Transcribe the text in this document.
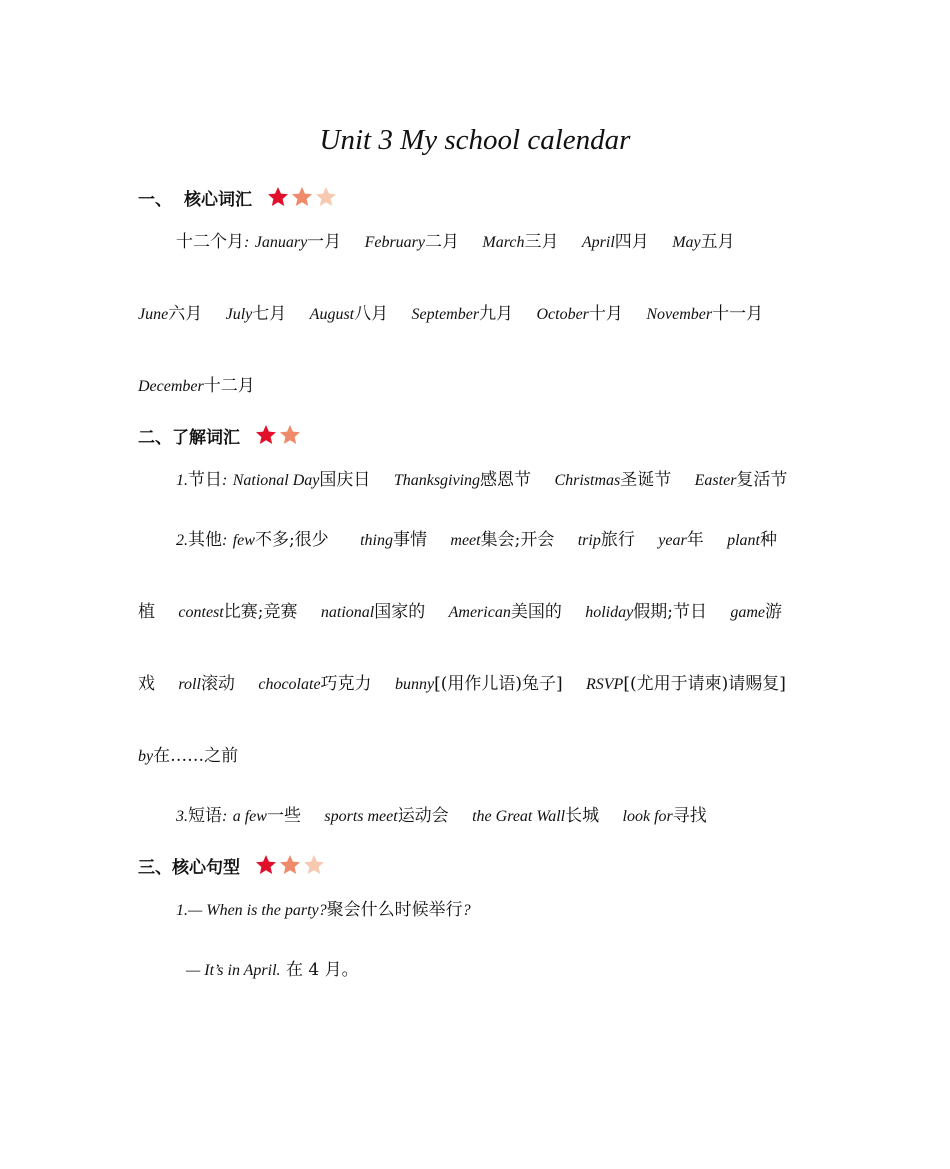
Unit 3 My school calendar
一、 核心词汇
十二个月: January一月 February二月 March三月 April四月 May五月
June六月 July七月 August八月 September九月 October十月 November十一月
December十二月
二、了解词汇
1.节日: National Day国庆日 Thanksgiving感恩节 Christmas圣诞节 Easter复活节
2.其他: few不多;很少 thing事情 meet集会;开会 trip旅行 year年 plant种
植 contest比赛;竞赛 national国家的 American美国的 holiday假期;节日 game游
戏 roll滚动 chocolate巧克力 bunny[(用作儿语)兔子] RSVP[(尤用于请柬)请赐复]
by在……之前
3.短语: a few一些 sports meet运动会 the Great Wall长城 look for寻找
三、核心句型
1.— When is the party?聚会什么时候举行?
— It’s in April. 在 4 月。
